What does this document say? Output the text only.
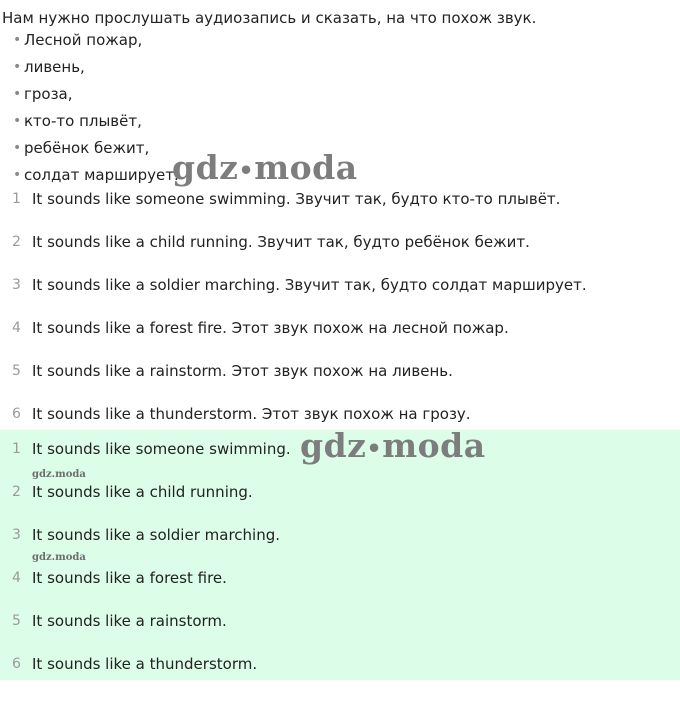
Нам нужно прослушать аудиозапись и сказать, на что похож звук.
• Лесной пожар,
• ливень,
• гроза,
• кто-то плывёт,
• ребёнок бежит,
• солдат марширует.
1 It sounds like someone swimming. Звучит так, будто кто-то плывёт.
2 It sounds like a child running. Звучит так, будто ребёнок бежит.
3 It sounds like a soldier marching. Звучит так, будто солдат марширует.
4 It sounds like a forest fire. Этот звук похож на лесной пожар.
5 It sounds like a rainstorm. Этот звук похож на ливень.
6 It sounds like a thunderstorm. Этот звук похож на грозу.
1 It sounds like someone swimming.
2 It sounds like a child running.
3 It sounds like a soldier marching.
4 It sounds like a forest fire.
5 It sounds like a rainstorm.
6 It sounds like a thunderstorm.
gdz•moda
gdz•moda
gdz.moda
gdz.moda
